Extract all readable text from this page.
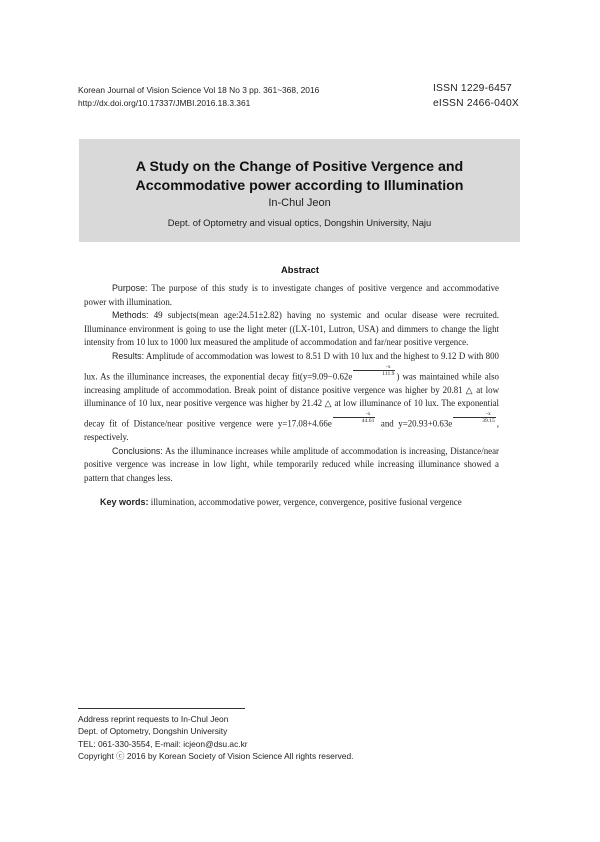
Korean Journal of Vision Science Vol 18 No 3 pp. 361~368, 2016
http://dx.doi.org/10.17337/JMBI.2016.18.3.361
ISSN 1229-6457
eISSN 2466-040X
A Study on the Change of Positive Vergence and
Accommodative power according to Illumination
In-Chul Jeon
Dept. of Optometry and visual optics, Dongshin University, Naju
Abstract

Purpose: The purpose of this study is to investigate changes of positive vergence and accommodative power with illumination.

Methods: 49 subjects(mean age:24.51±2.82) having no systemic and ocular disease were recruited. Illuminance environment is going to use the light meter ((LX-101, Lutron, USA) and dimmers to change the light intensity from 10 lux to 1000 lux measured the amplitude of accommodation and far/near positive vergence.

Results: Amplitude of accommodation was lowest to 8.51 D with 10 lux and the highest to 9.12 D with 800 lux. As the illuminance increases, the exponential decay $fit(y=9.09-0.62e \frac{-x}{111.9}$ ) was maintained while also increasing amplitude of accommodation. Break point of distance positive vergence was higher by 20.81 △ at low illuminance of 10 lux, near positive vergence was higher by 21.42 △ at low illuminance of 10 lux. The exponential decay fit of Distance/near positive vergence were $y=17.08+4.66e \frac{-x}{44.61}$ and $y=20.93+0.63e \frac{-x}{39.15}$ , respectively.

Conclusions: As the illuminance increases while amplitude of accommodation is increasing, Distance/near positive vergence was increase in low light, while temporarily reduced while increasing illuminance showed a pattern that changes less.

Key words: illumination, accommodative power, vergence, convergence, positive fusional vergence
Address reprint requests to In-Chul Jeon
Dept. of Optometry, Dongshin University
TEL: 061-330-3554, E-mail: icjeon@dsu.ac.kr
Copyright ⓒ 2016 by Korean Society of Vision Science All rights reserved.
